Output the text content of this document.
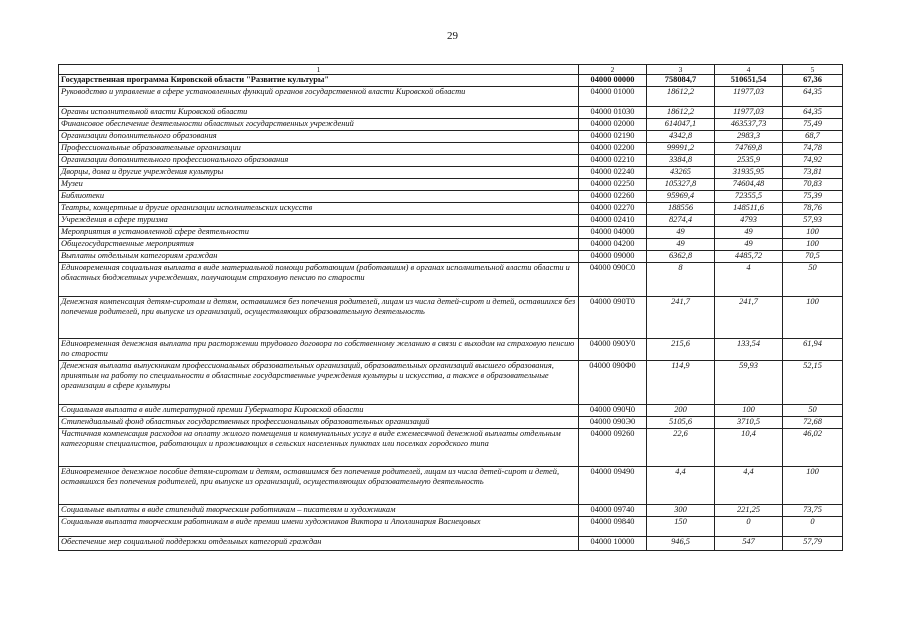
29
1	2	3	4	5
Государственная программа Кировской области "Развитие культуры"	04000 00000	758084,7	510651,54	67,36
Руководство и управление в сфере установленных функций органов государственной власти Кировской области	04000 01000	18612,2	11977,03	64,35
Органы исполнительной власти Кировской области	04000 01030	18612,2	11977,03	64,35
Финансовое обеспечение деятельности областных государственных учреждений	04000 02000	614047,1	463537,73	75,49
Организации дополнительного образования	04000 02190	4342,8	2983,3	68,7
Профессиональные образовательные организации	04000 02200	99991,2	74769,8	74,78
Организации дополнительного профессионального образования	04000 02210	3384,8	2535,9	74,92
Дворцы, дома и другие учреждения культуры	04000 02240	43265	31935,95	73,81
Музеи	04000 02250	105327,8	74604,48	70,83
Библиотеки	04000 02260	95969,4	72355,5	75,39
Театры, концертные и другие организации исполнительских искусств	04000 02270	188556	148511,6	78,76
Учреждения в сфере туризма	04000 02410	8274,4	4793	57,93
Мероприятия в установленной сфере деятельности	04000 04000	49	49	100
Общегосударственные мероприятия	04000 04200	49	49	100
Выплаты отдельным категориям граждан	04000 09000	6362,8	4485,72	70,5
Единовременная социальная выплата в виде материальной помощи работающим (работавшим) в органах исполнительной власти области и областных бюджетных учреждениях, получающим страховую пенсию по старости	04000 090С0	8	4	50
Денежная компенсация детям-сиротам и детям, оставшимся без попечения родителей, лицам из числа детей-сирот и детей, оставшихся без попечения родителей, при выпуске из организаций, осуществляющих образовательную деятельность	04000 090Т0	241,7	241,7	100
Единовременная денежная выплата при расторжении трудового договора по собственному желанию в связи с выходом на страховую пенсию по старости	04000 090У0	215,6	133,54	61,94
Денежная выплата выпускникам профессиональных образовательных организаций, образовательных организаций высшего образования, принятым на работу по специальности в областные государственные учреждения культуры и искусства, а также в образовательные организации в сфере культуры	04000 090Ф0	114,9	59,93	52,15
Социальная выплата в виде литературной премии Губернатора Кировской области	04000 090Ч0	200	100	50
Стипендиальный фонд областных государственных профессиональных образовательных организаций	04000 090Э0	5105,6	3710,5	72,68
Частичная компенсация расходов на оплату жилого помещения и коммунальных услуг в виде ежемесячной денежной выплаты отдельным категориям специалистов, работающих и проживающих в сельских населенных пунктах или поселках городского типа	04000 09260	22,6	10,4	46,02
Единовременное денежное пособие детям-сиротам и детям, оставшимся без попечения родителей, лицам из числа детей-сирот и детей, оставшихся без попечения родителей, при выпуске из организаций, осуществляющих образовательную деятельность	04000 09490	4,4	4,4	100
Социальные выплаты в виде стипендий творческим работникам – писателям и художникам	04000 09740	300	221,25	73,75
Социальная выплата творческим работникам в виде премии имени художников Виктора и Аполлинария Васнецовых	04000 09840	150	0	0
Обеспечение мер социальной поддержки отдельных категорий граждан	04000 10000	946,5	547	57,79
